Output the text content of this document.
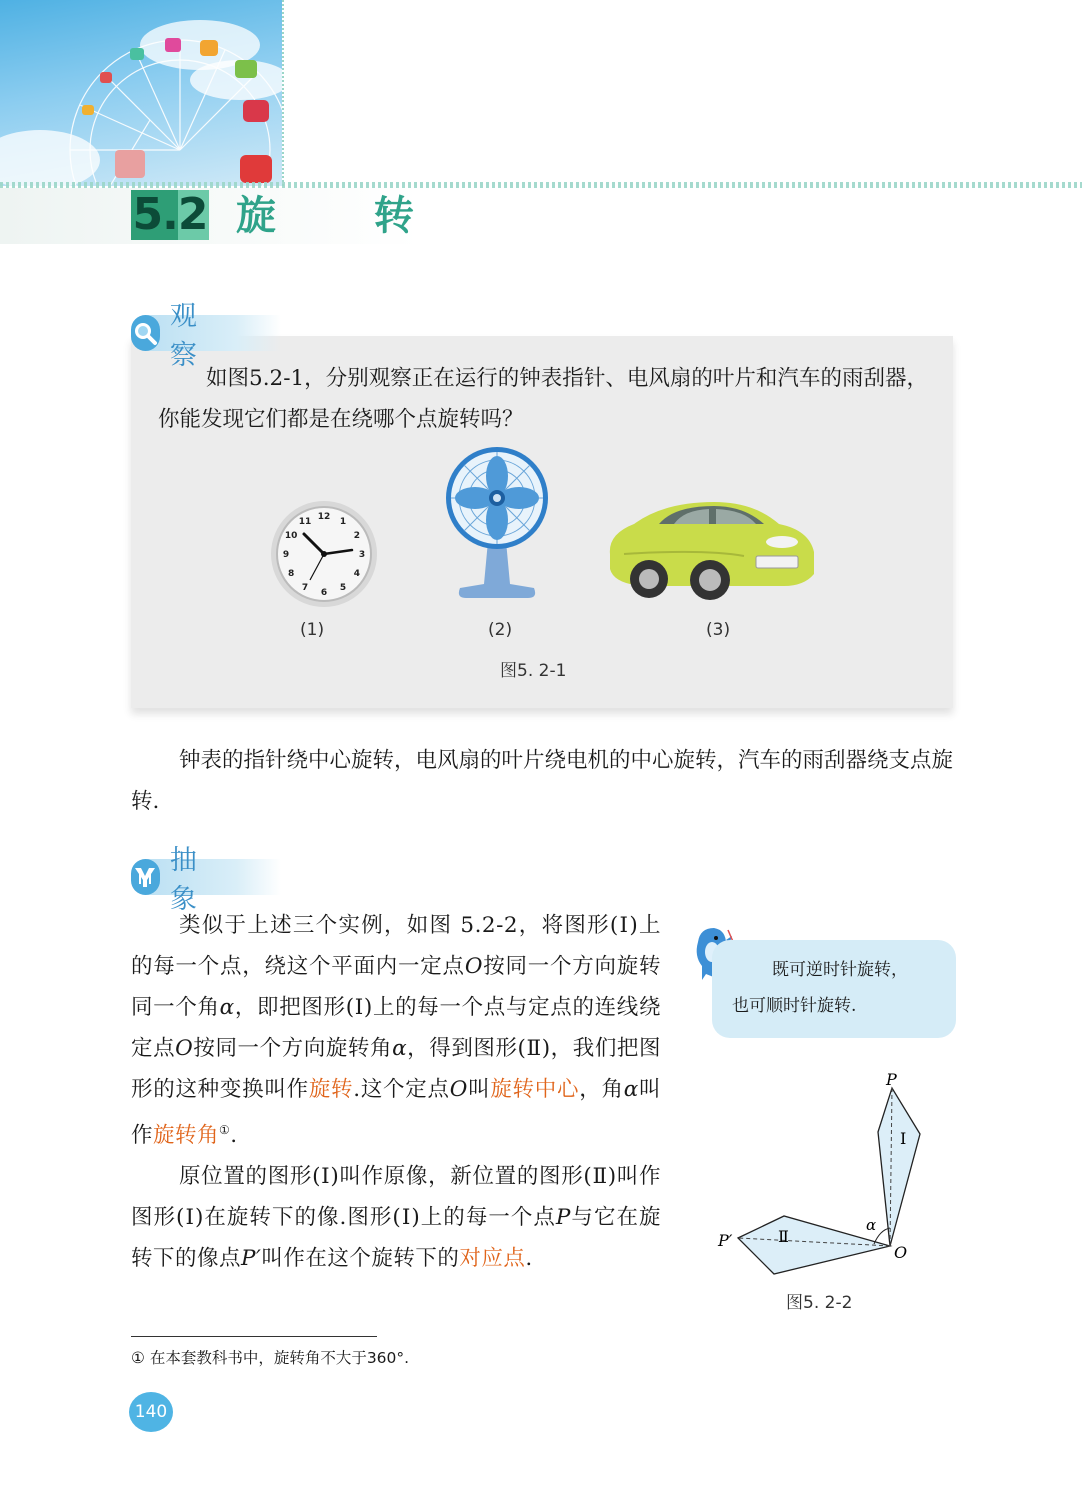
5.2 旋 转
观 察
如图5.2-1，分别观察正在运行的钟表指针、电风扇的叶片和汽车的雨刮器，你能发现它们都是在绕哪个点旋转吗？
12
1
2
3
4
5
6
7
8
9
10
11
(1)	(2)	(3)
图5. 2-1
钟表的指针绕中心旋转，电风扇的叶片绕电机的中心旋转，汽车的雨刮器绕支点旋转.
抽 象

类似于上述三个实例，如图 5.2-2，将图形(Ⅰ)上的每一个点，绕这个平面内一定点O按同一个方向旋转同一个角α，即把图形(Ⅰ)上的每一个点与定点的连线绕定点O按同一个方向旋转角α，得到图形(Ⅱ)，我们把图形的这种变换叫作旋转.这个定点O叫旋转中心，角α叫作旋转角①.

原位置的图形(Ⅰ)叫作原像，新位置的图形(Ⅱ)叫作图形(Ⅰ)在旋转下的像.图形(Ⅰ)上的每一个点P与它在旋转下的像点P′叫作在这个旋转下的对应点.

既可逆时针旋转，
也可顺时针旋转.
P
P′
O
α
Ⅰ
Ⅱ
图5. 2-2
① 在本套教科书中，旋转角不大于360°.
140
